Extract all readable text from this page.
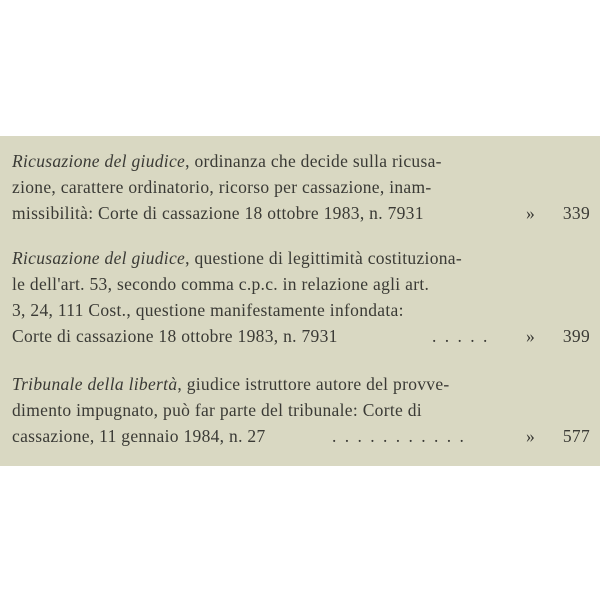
Ricusazione del giudice, ordinanza che decide sulla ricusa-
zione, carattere ordinatorio, ricorso per cassazione, inam-
missibilità: Corte di cassazione 18 ottobre 1983, n. 7931	» 339
Ricusazione del giudice, questione di legittimità costituziona-
le dell'art. 53, secondo comma c.p.c. in relazione agli art.
3, 24, 111 Cost., questione manifestamente infondata:
Corte di cassazione 18 ottobre 1983, n. 7931	. . . . . » 399
Tribunale della libertà, giudice istruttore autore del provve-
dimento impugnato, può far parte del tribunale: Corte di
cassazione, 11 gennaio 1984, n. 27	. . . . . . . . . . .	» 577
